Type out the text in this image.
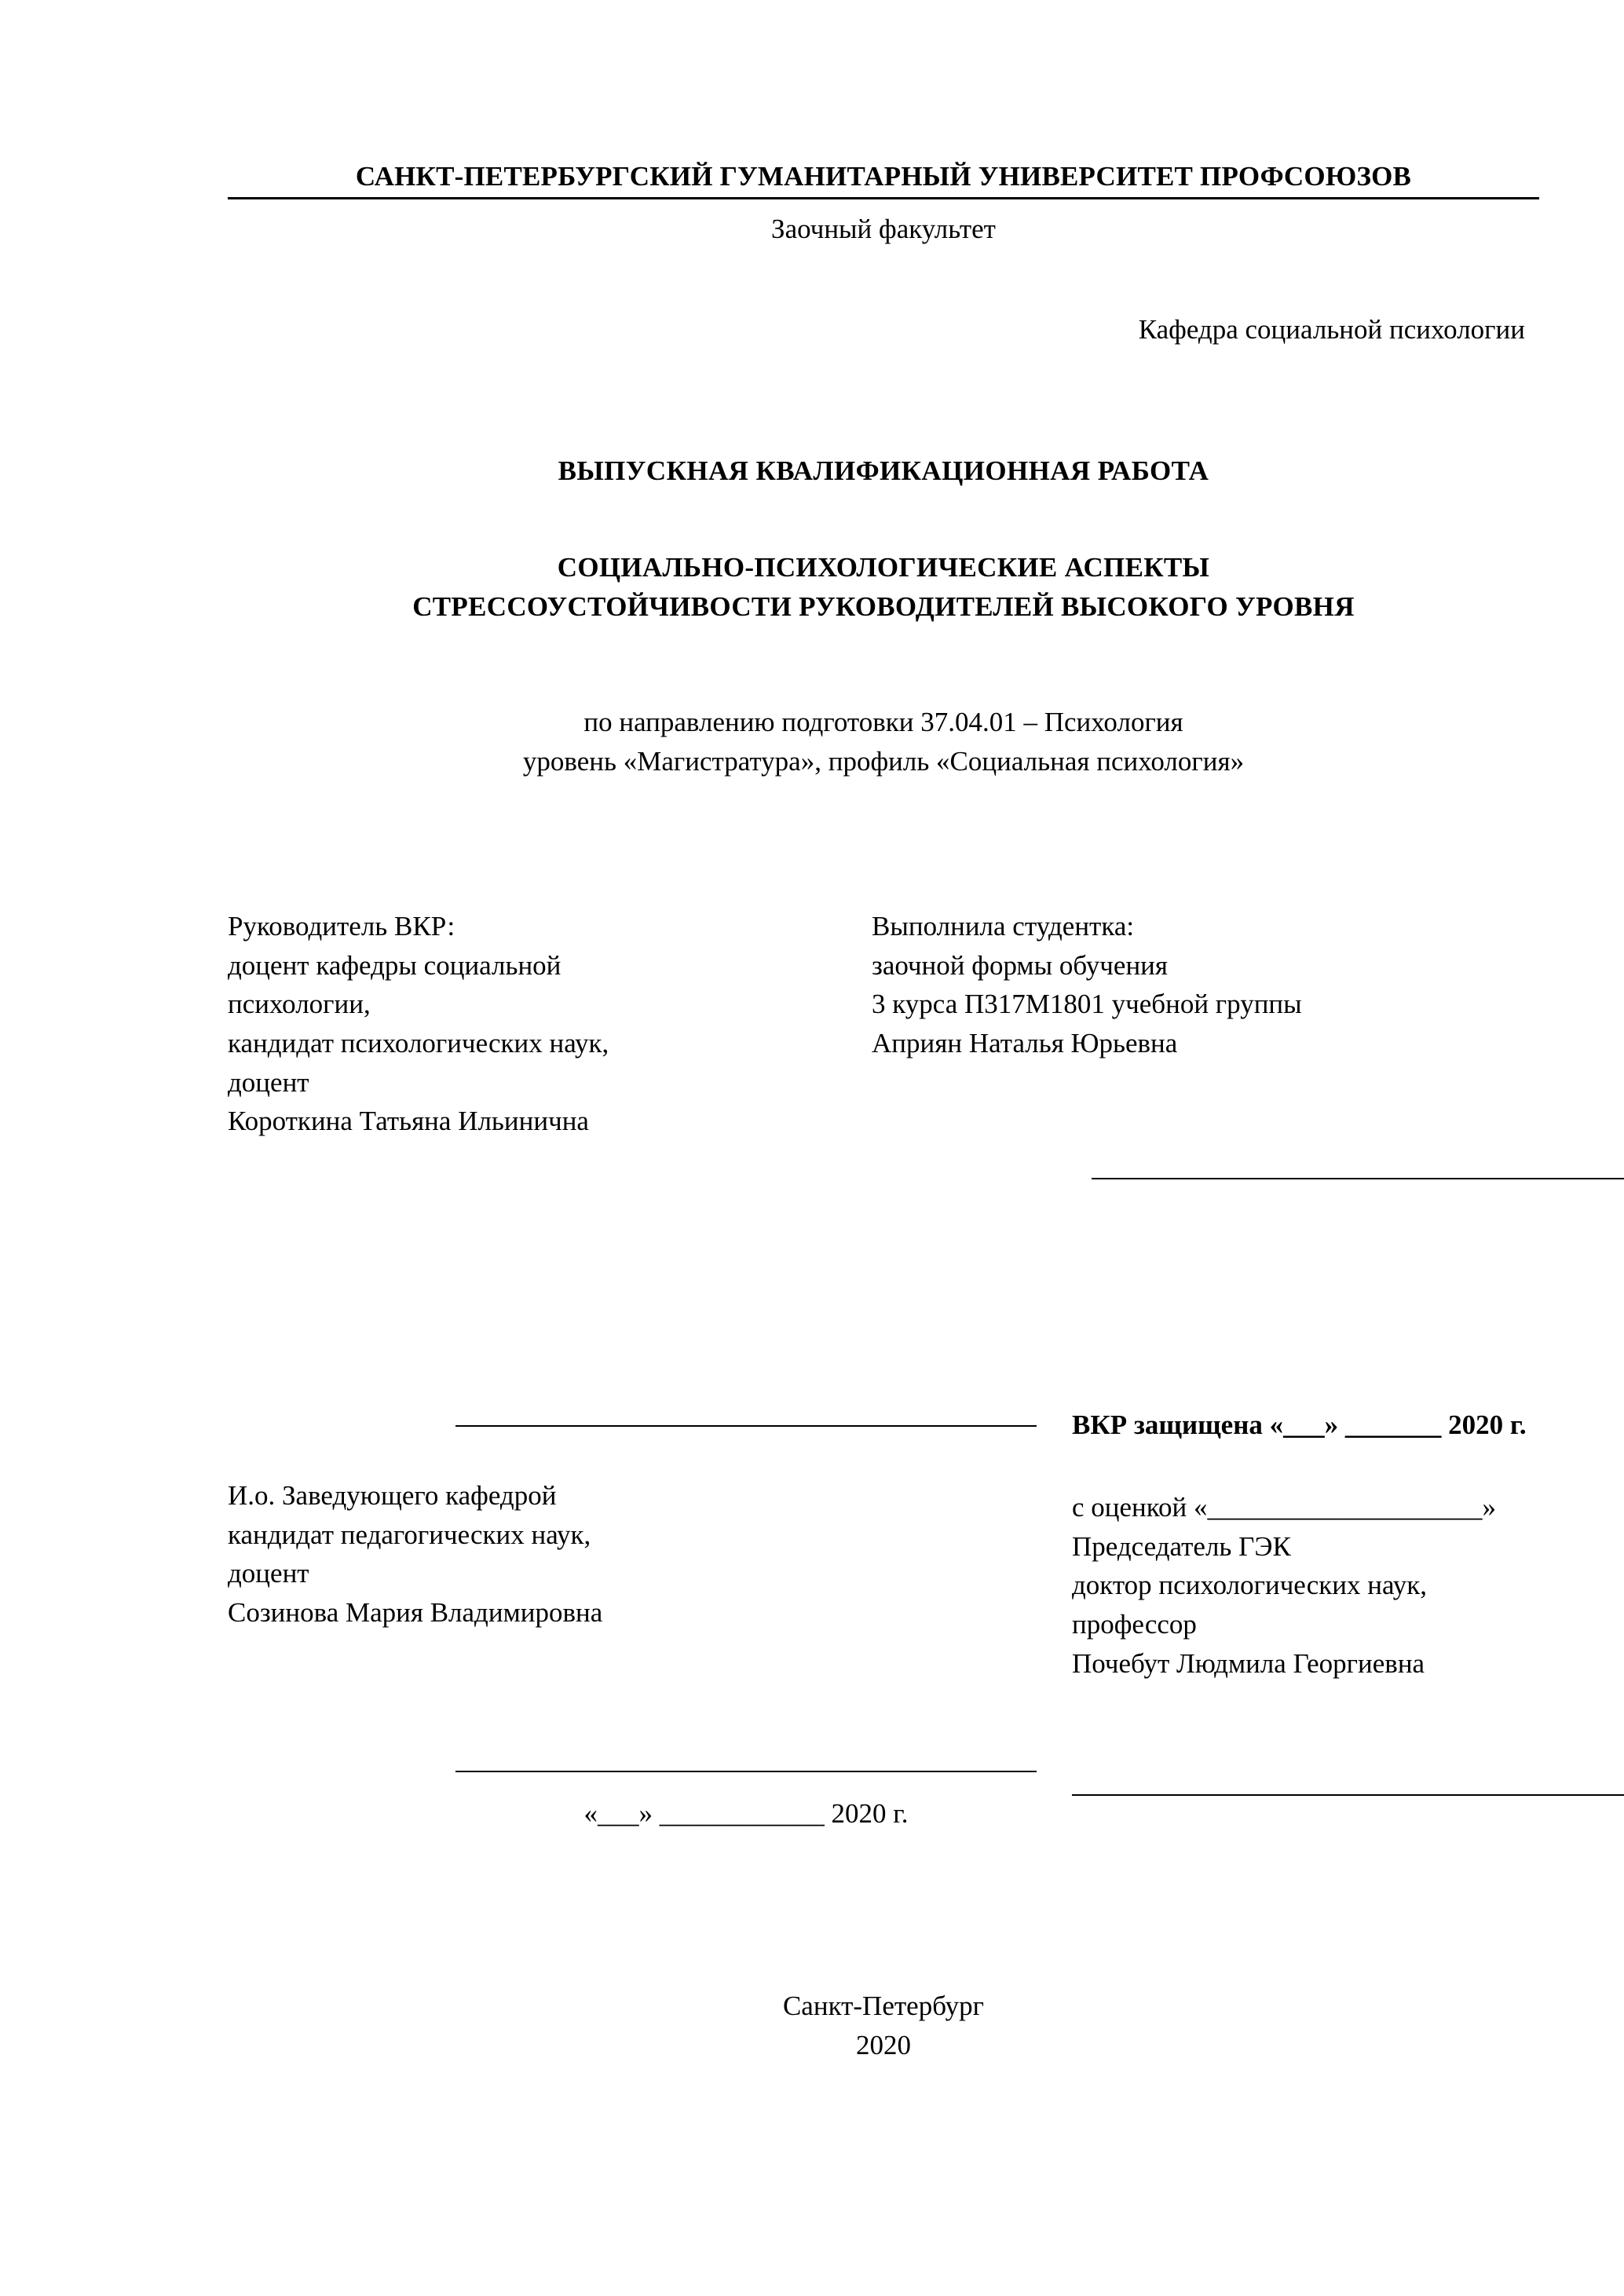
САНКТ-ПЕТЕРБУРГСКИЙ ГУМАНИТАРНЫЙ УНИВЕРСИТЕТ ПРОФСОЮЗОВ
Заочный факультет
Кафедра социальной психологии
ВЫПУСКНАЯ КВАЛИФИКАЦИОННАЯ РАБОТА
СОЦИАЛЬНО-ПСИХОЛОГИЧЕСКИЕ АСПЕКТЫ
СТРЕССОУСТОЙЧИВОСТИ РУКОВОДИТЕЛЕЙ ВЫСОКОГО УРОВНЯ
по направлению подготовки 37.04.01 – Психология
уровень «Магистратура», профиль «Социальная психология»
Руководитель ВКР:
доцент кафедры социальной
психологии,
кандидат психологических наук,
доцент
Короткина Татьяна Ильинична
Выполнила студентка:
заочной формы обучения
3 курса П317М1801 учебной группы
Априян Наталья Юрьевна
И.о. Заведующего кафедрой
кандидат педагогических наук,
доцент
Созинова Мария Владимировна
«___» ____________ 2020 г.
ВКР защищена «___» _______ 2020 г.
с оценкой «____________________»
Председатель ГЭК
доктор психологических наук,
профессор
Почебут Людмила Георгиевна
Санкт-Петербург
2020
